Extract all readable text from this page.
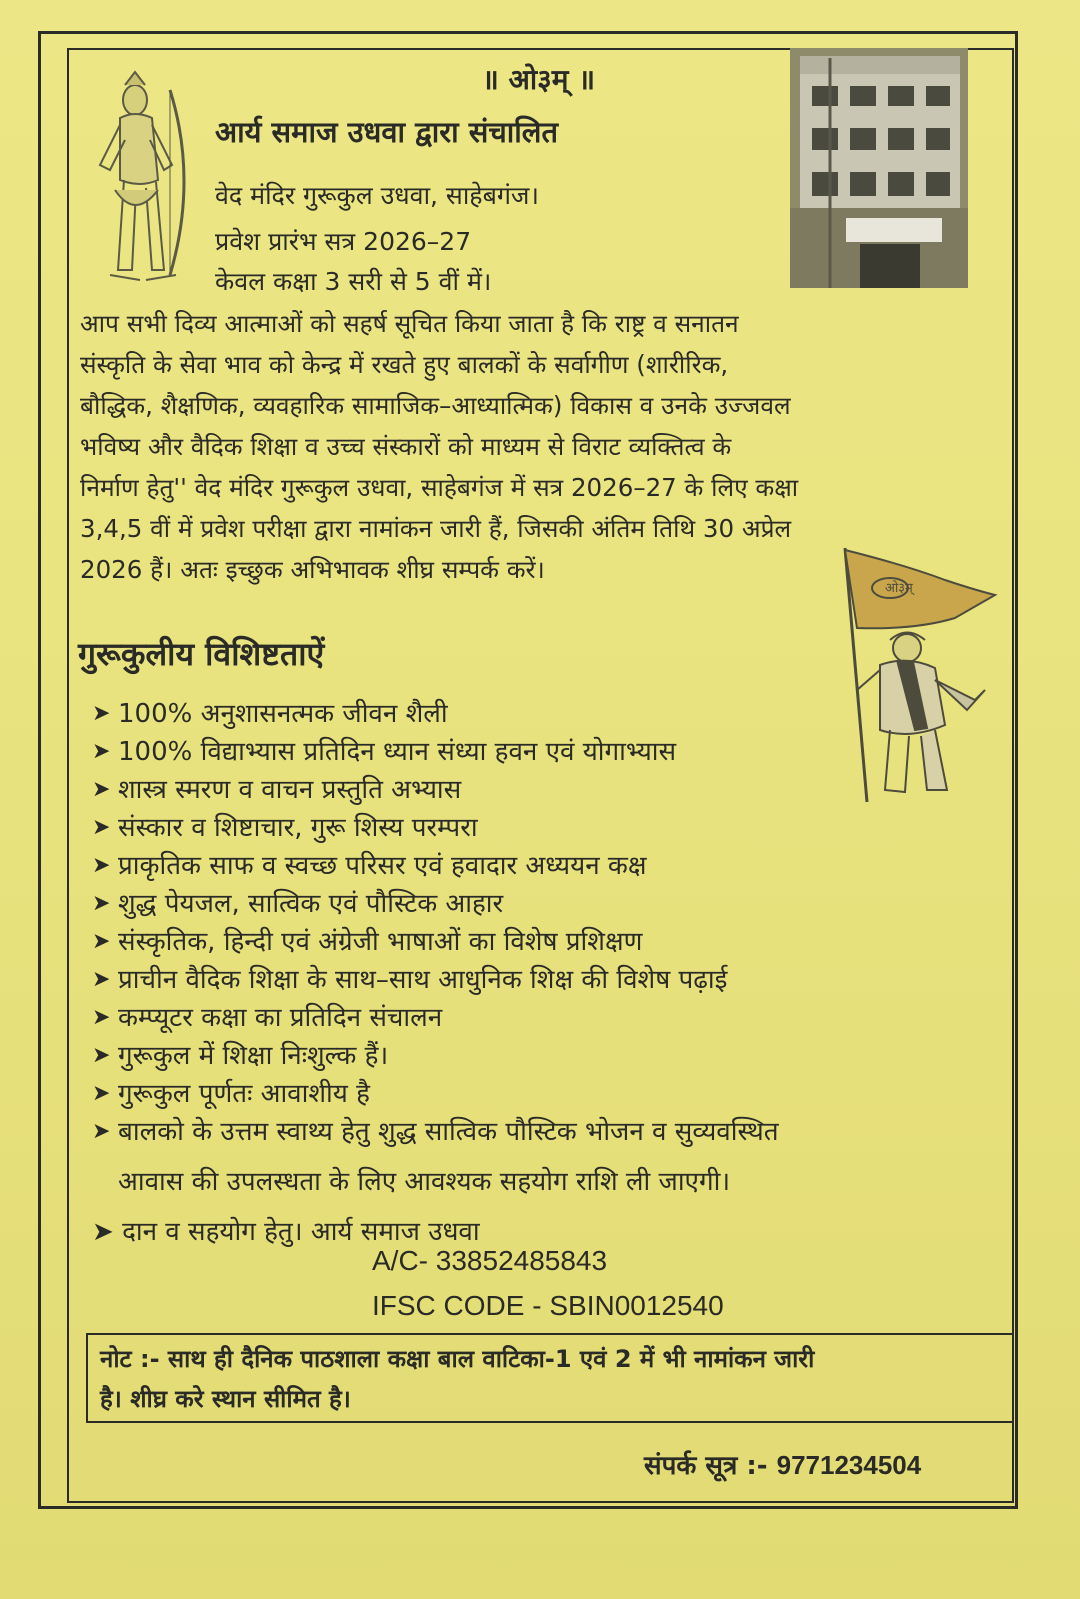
ओ३म्
॥ ओ३म् ॥
आर्य समाज उधवा द्वारा संचालित
वेद मंदिर गुरूकुल उधवा, साहेबगंज।
प्रवेश प्रारंभ सत्र 2026–27
केवल कक्षा 3 सरी से 5 वीं में।
आप सभी दिव्य आत्माओं को सहर्ष सूचित किया जाता है कि राष्ट्र व सनातन
संस्कृति के सेवा भाव को केन्द्र में रखते हुए बालकों के सर्वागीण (शारीरिक,
बौद्धिक, शैक्षणिक, व्यवहारिक सामाजिक–आध्यात्मिक) विकास व उनके उज्जवल
भविष्य और वैदिक शिक्षा व उच्च संस्कारों को माध्यम से विराट व्यक्तित्व के
निर्माण हेतु'' वेद मंदिर गुरूकुल उधवा, साहेबगंज में सत्र 2026–27 के लिए कक्षा
3,4,5 वीं में प्रवेश परीक्षा द्वारा नामांकन जारी हैं, जिसकी अंतिम तिथि 30 अप्रेल
2026 हैं। अतः इच्छुक अभिभावक शीघ्र सम्पर्क करें।
गुरूकुलीय विशिष्टताऐं
➤ 100% अनुशासनत्मक जीवन शैली
➤ 100% विद्याभ्यास प्रतिदिन ध्यान संध्या हवन एवं योगाभ्यास
➤ शास्त्र स्मरण व वाचन प्रस्तुति अभ्यास
➤ संस्कार व शिष्टाचार, गुरू शिस्य परम्परा
➤ प्राकृतिक साफ व स्वच्छ परिसर एवं हवादार अध्ययन कक्ष
➤ शुद्ध पेयजल, सात्विक एवं पौस्टिक आहार
➤ संस्कृतिक, हिन्दी एवं अंग्रेजी भाषाओं का विशेष प्रशिक्षण
➤ प्राचीन वैदिक शिक्षा के साथ–साथ आधुनिक शिक्ष की विशेष पढ़ाई
➤ कम्प्यूटर कक्षा का प्रतिदिन संचालन
➤ गुरूकुल में शिक्षा निःशुल्क हैं।
➤ गुरूकुल पूर्णतः आवाशीय है
➤ बालको के उत्तम स्वाथ्य हेतु शुद्ध सात्विक पौस्टिक भोजन व सुव्यवस्थित
आवास की उपलस्धता के लिए आवश्यक सहयोग राशि ली जाएगी।
➤ दान व सहयोग हेतु। आर्य समाज उधवा
A/C- 33852485843
IFSC CODE - SBIN0012540
नोट :- साथ ही दैनिक पाठशाला कक्षा बाल वाटिका-1 एवं 2 में भी नामांकन जारी
है। शीघ्र करे स्थान सीमित है।
संपर्क सूत्र :- 9771234504
